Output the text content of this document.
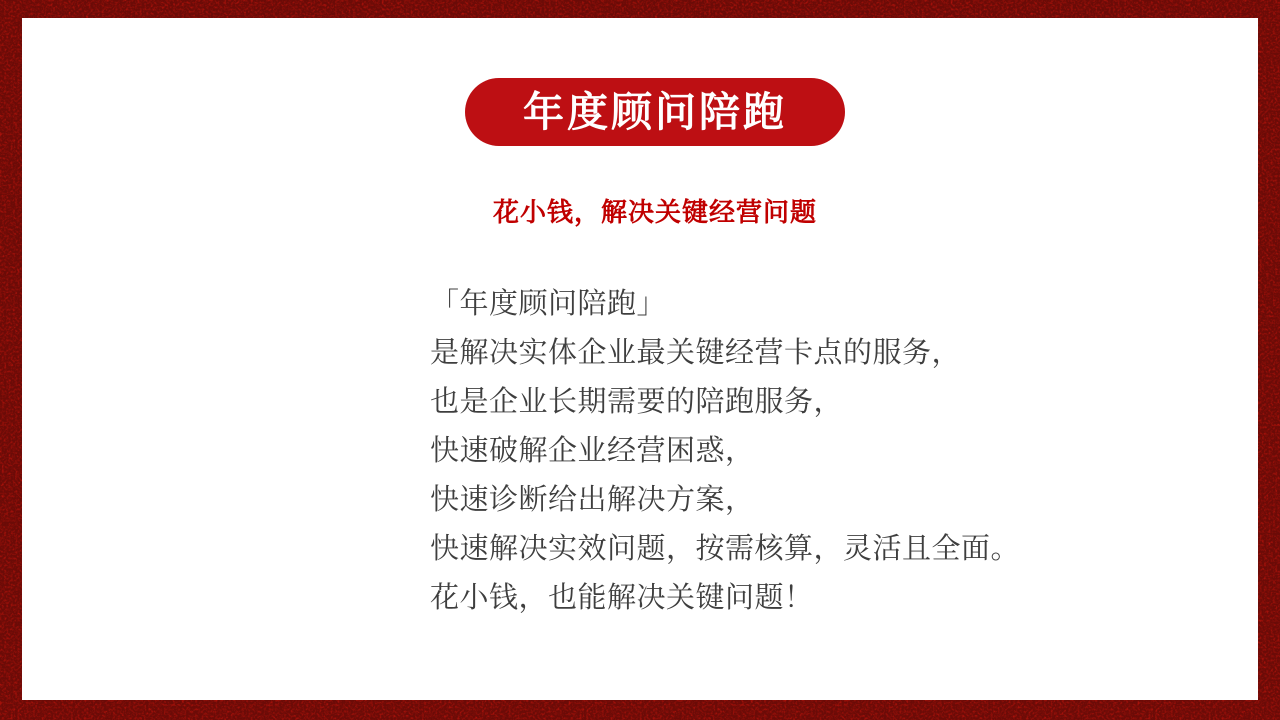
年度顾问陪跑
花小钱，解决关键经营问题
「年度顾问陪跑」
是解决实体企业最关键经营卡点的服务，
也是企业长期需要的陪跑服务，
快速破解企业经营困惑，
快速诊断给出解决方案，
快速解决实效问题，按需核算，灵活且全面。
花小钱，也能解决关键问题！
